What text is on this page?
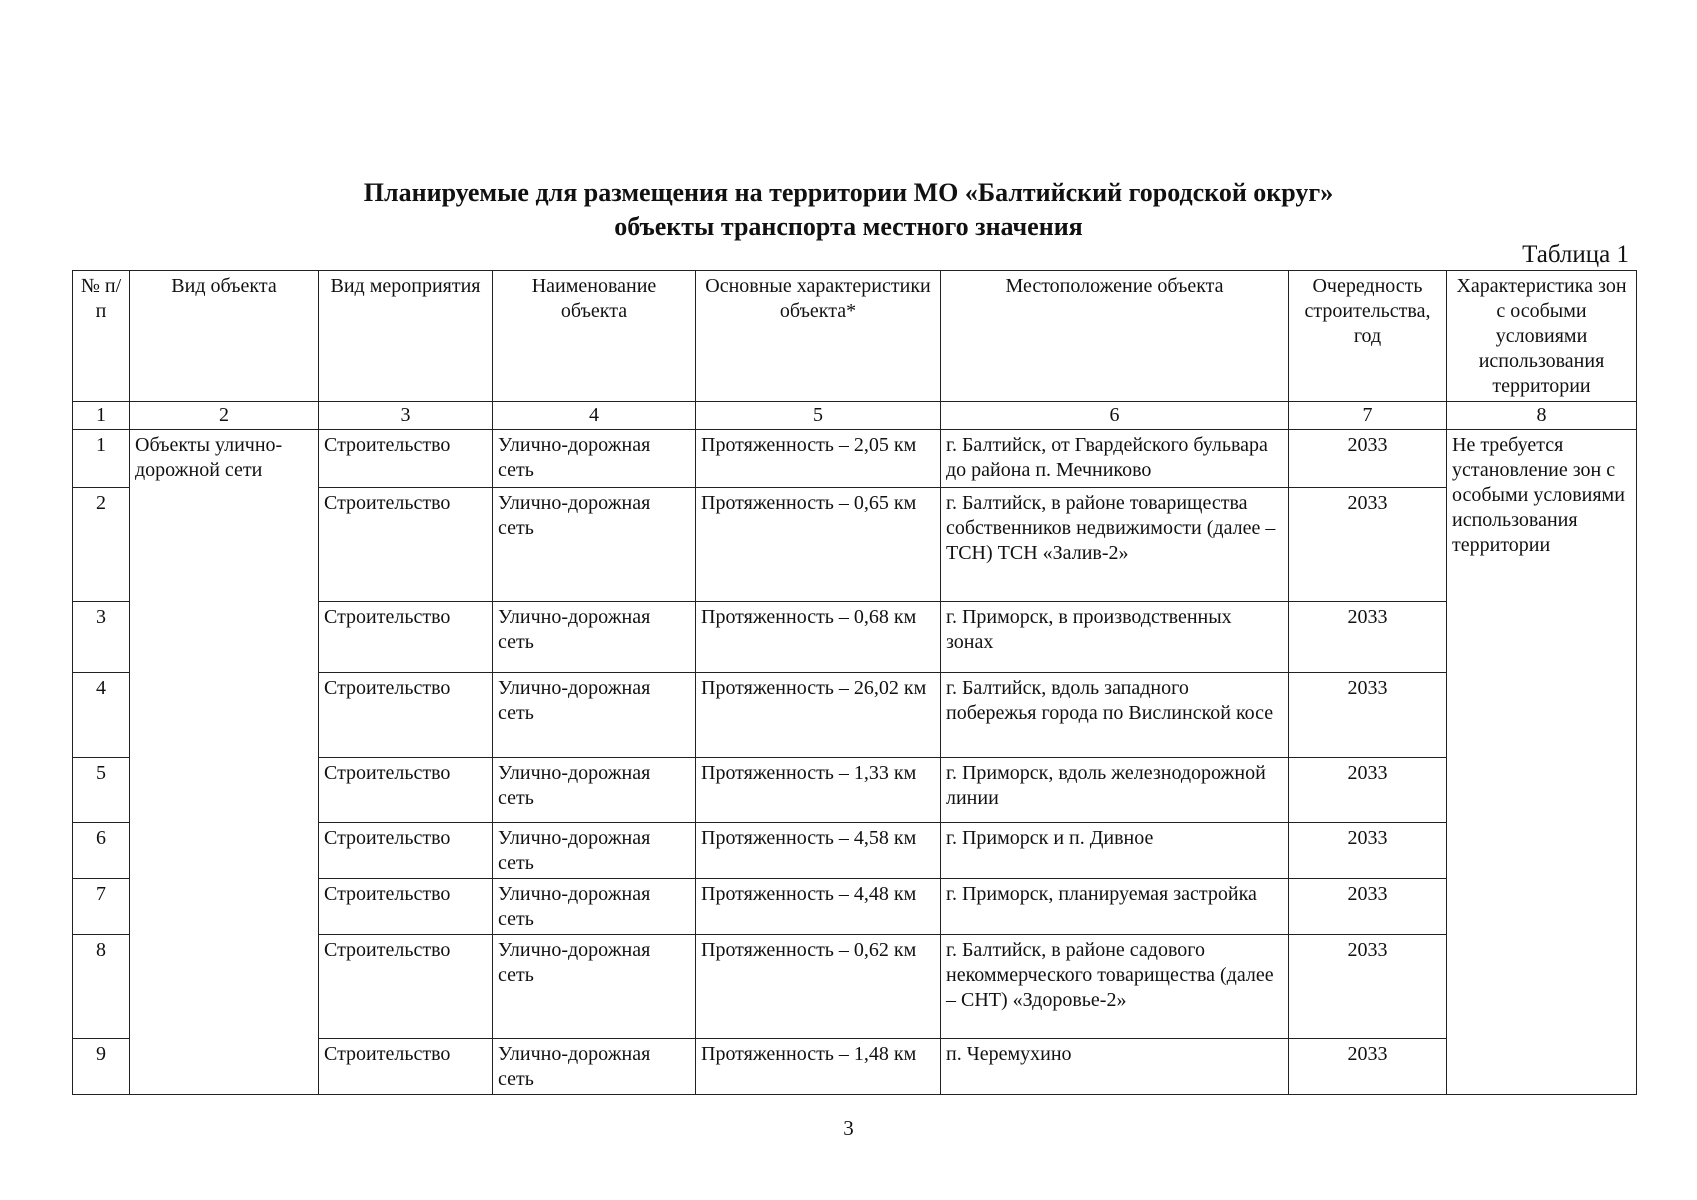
Планируемые для размещения на территории МО «Балтийский городской округ»
объекты транспорта местного значения
Таблица 1
№ п/п	Вид объекта	Вид мероприятия	Наименование объекта	Основные характеристики объекта*	Местоположение объекта	Очередность строительства, год	Характеристика зон с особыми условиями использования территории
1	2	3	4	5	6	7	8
1	Объекты улично-дорожной сети	Строительство	Улично-дорожная сеть	Протяженность – 2,05 км	г. Балтийск, от Гвардейского бульвара до района п. Мечниково	2033	Не требуется установление зон с особыми условиями использования территории
2		Строительство	Улично-дорожная сеть	Протяженность – 0,65 км	г. Балтийск, в районе товарищества собственников недвижимости (далее – ТСН) ТСН «Залив-2»	2033	
3		Строительство	Улично-дорожная сеть	Протяженность – 0,68 км	г. Приморск, в производственных зонах	2033	
4		Строительство	Улично-дорожная сеть	Протяженность – 26,02 км	г. Балтийск, вдоль западного побережья города по Вислинской косе	2033	
5		Строительство	Улично-дорожная сеть	Протяженность – 1,33 км	г. Приморск, вдоль железнодорожной линии	2033	
6		Строительство	Улично-дорожная сеть	Протяженность – 4,58 км	г. Приморск и п. Дивное	2033	
7		Строительство	Улично-дорожная сеть	Протяженность – 4,48 км	г. Приморск, планируемая застройка	2033	
8		Строительство	Улично-дорожная сеть	Протяженность – 0,62 км	г. Балтийск, в районе садового некоммерческого товарищества (далее – СНТ) «Здоровье-2»	2033	
9		Строительство	Улично-дорожная сеть	Протяженность – 1,48 км	п. Черемухино	2033	
3
